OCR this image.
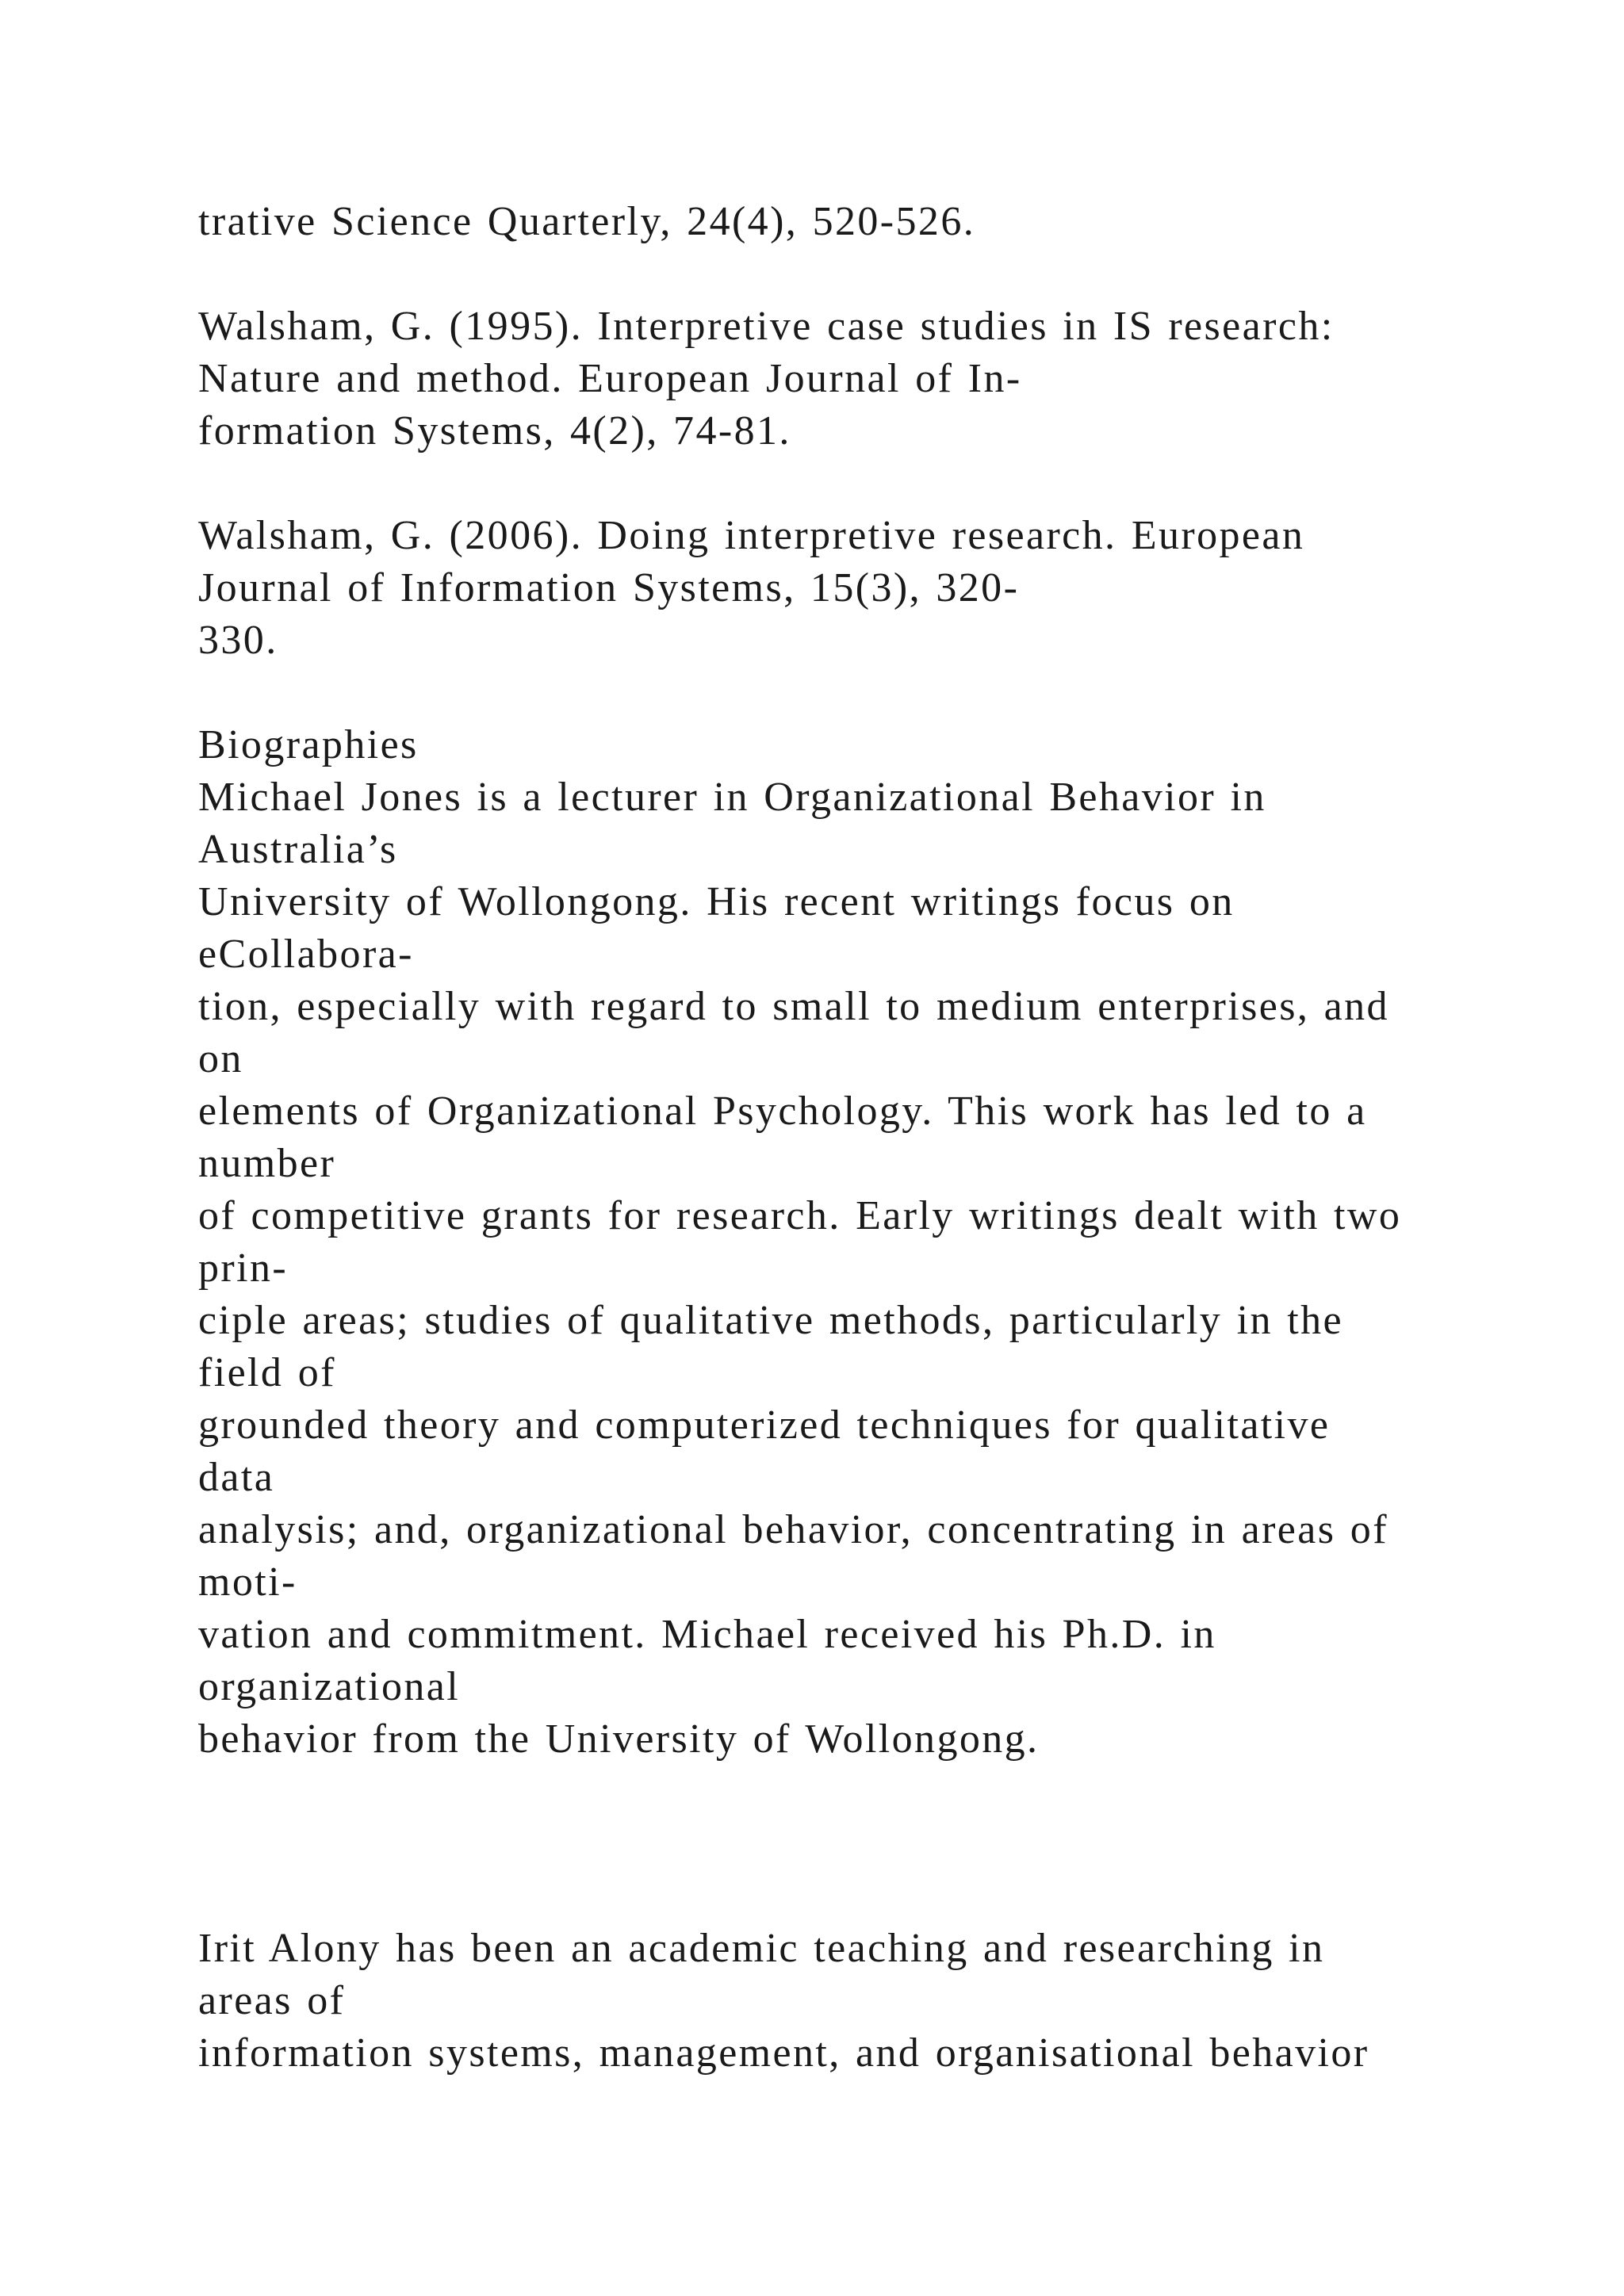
trative Science Quarterly, 24(4), 520-526.
Walsham, G. (1995). Interpretive case studies in IS research:
Nature and method. European Journal of In-
formation Systems, 4(2), 74-81.
Walsham, G. (2006). Doing interpretive research. European
Journal of Information Systems, 15(3), 320-
330.
Biographies
Michael Jones is a lecturer in Organizational Behavior in
Australia’s
University of Wollongong. His recent writings focus on
eCollabora-
tion, especially with regard to small to medium enterprises, and
on
elements of Organizational Psychology. This work has led to a
number
of competitive grants for research. Early writings dealt with two
prin-
ciple areas; studies of qualitative methods, particularly in the
field of
grounded theory and computerized techniques for qualitative
data
analysis; and, organizational behavior, concentrating in areas of
moti-
vation and commitment. Michael received his Ph.D. in
organizational
behavior from the University of Wollongong.
Irit Alony has been an academic teaching and researching in
areas of
information systems, management, and organisational behavior
